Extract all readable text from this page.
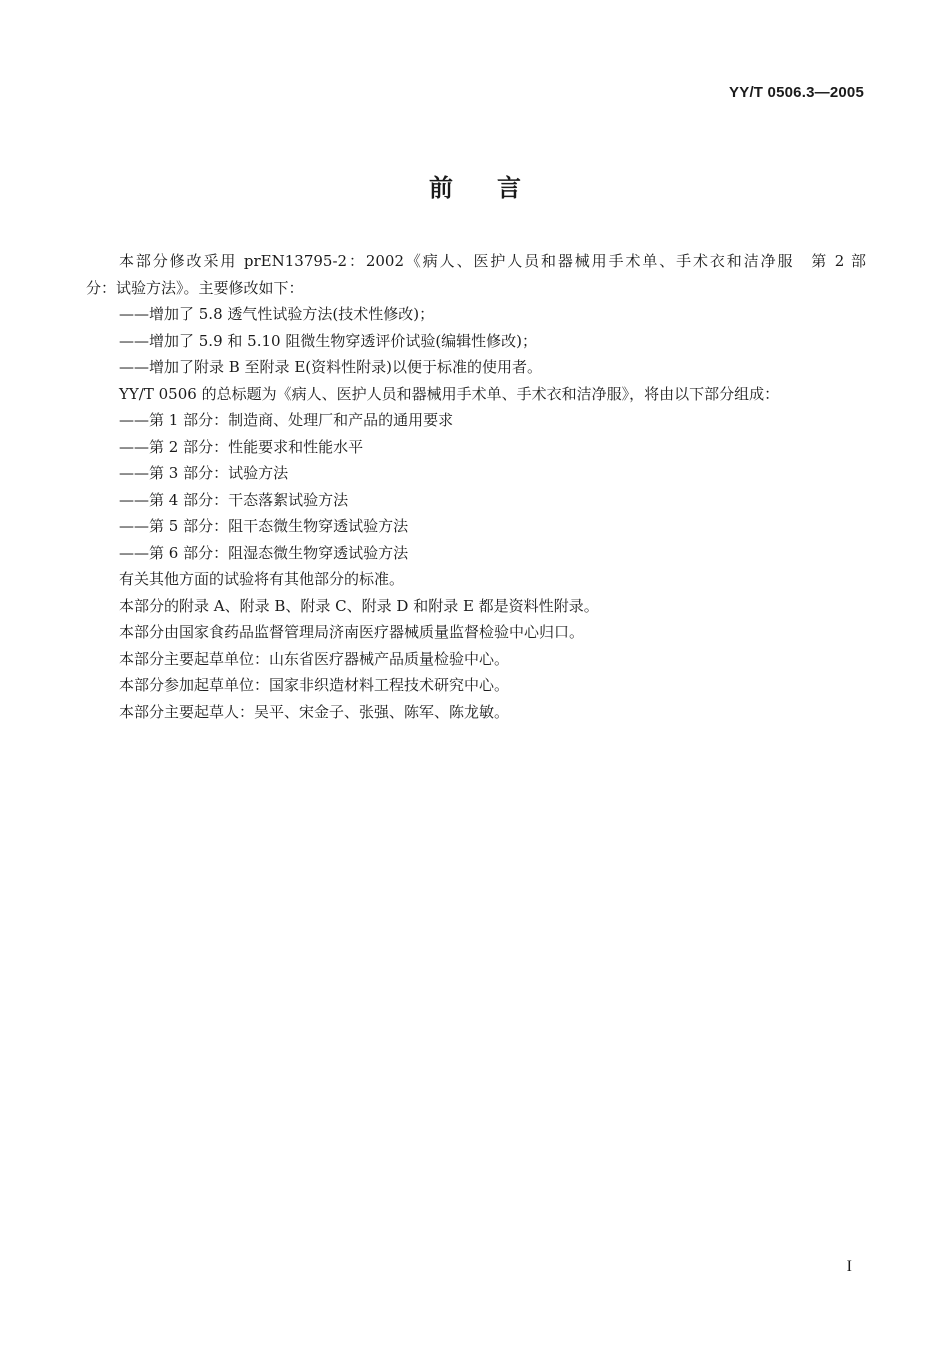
YY/T 0506.3—2005
前言
本部分修改采用 prEN13795-2：2002《病人、医护人员和器械用手术单、手术衣和洁净服　第 2 部
分：试验方法》。主要修改如下：
——增加了 5.8 透气性试验方法(技术性修改)；
——增加了 5.9 和 5.10 阻微生物穿透评价试验(编辑性修改)；
——增加了附录 B 至附录 E(资料性附录)以便于标准的使用者。
YY/T 0506 的总标题为《病人、医护人员和器械用手术单、手术衣和洁净服》，将由以下部分组成：
——第 1 部分：制造商、处理厂和产品的通用要求
——第 2 部分：性能要求和性能水平
——第 3 部分：试验方法
——第 4 部分：干态落絮试验方法
——第 5 部分：阻干态微生物穿透试验方法
——第 6 部分：阻湿态微生物穿透试验方法
有关其他方面的试验将有其他部分的标准。
本部分的附录 A、附录 B、附录 C、附录 D 和附录 E 都是资料性附录。
本部分由国家食药品监督管理局济南医疗器械质量监督检验中心归口。
本部分主要起草单位：山东省医疗器械产品质量检验中心。
本部分参加起草单位：国家非织造材料工程技术研究中心。
本部分主要起草人：吴平、宋金子、张强、陈军、陈龙敏。
I
